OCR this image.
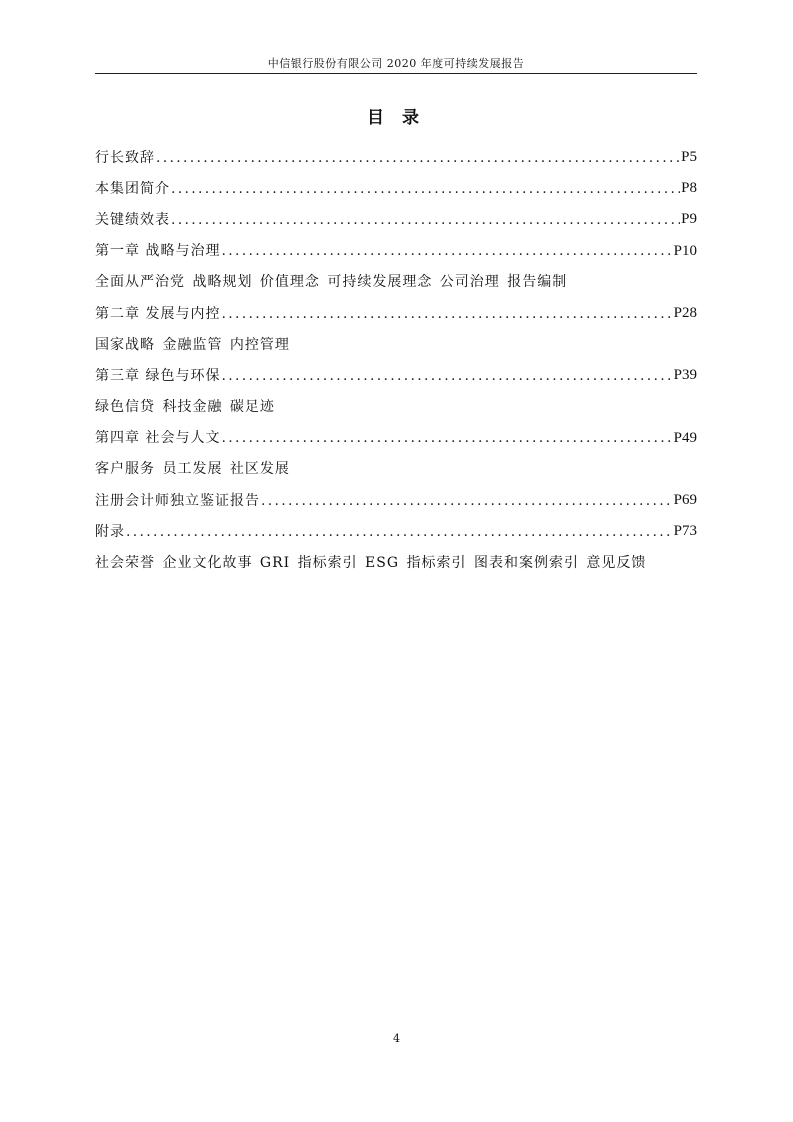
中信银行股份有限公司 2020 年度可持续发展报告
目 录
行长致辞 .....	P5
本集团简介 .....	P8
关键绩效表 .....	P9
第一章 战略与治理 .....	P10
全面从严治党 战略规划 价值理念 可持续发展理念 公司治理 报告编制
第二章 发展与内控 .....	P28
国家战略 金融监管 内控管理
第三章 绿色与环保 .....	P39
绿色信贷 科技金融 碳足迹
第四章 社会与人文 .....	P49
客户服务 员工发展 社区发展
注册会计师独立鉴证报告 .....	P69
附录 .....	P73
社会荣誉 企业文化故事 GRI 指标索引 ESG 指标索引 图表和案例索引 意见反馈
4
